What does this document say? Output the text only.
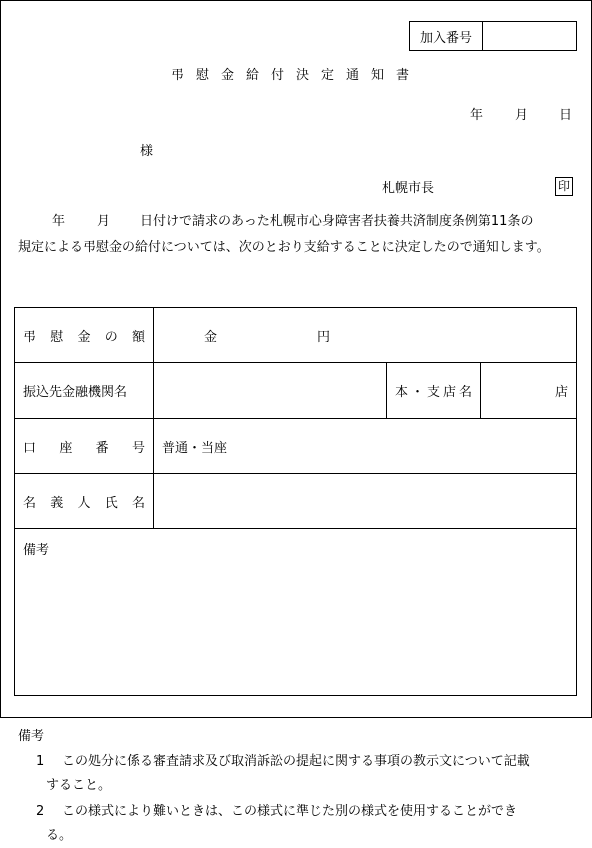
加入番号
弔慰金給付決定通知書
年 月 日
様
札幌市長	印
年 月 日付けで請求のあった札幌市心身障害者扶養共済制度条例第11条の
規定による弔慰金の給付については、次のとおり支給することに決定したので通知します。
弔 慰 金 の 額	金 円		
振込先金融機関名		本 ・ 支 店 名	店

口 座 番 号	普通・当座		

名 義 人 氏 名			

備考			
備考
1 この処分に係る審査請求及び取消訴訟の提起に関する事項の教示文について記載
すること。
2 この様式により難いときは、この様式に準じた別の様式を使用することができ
る。
